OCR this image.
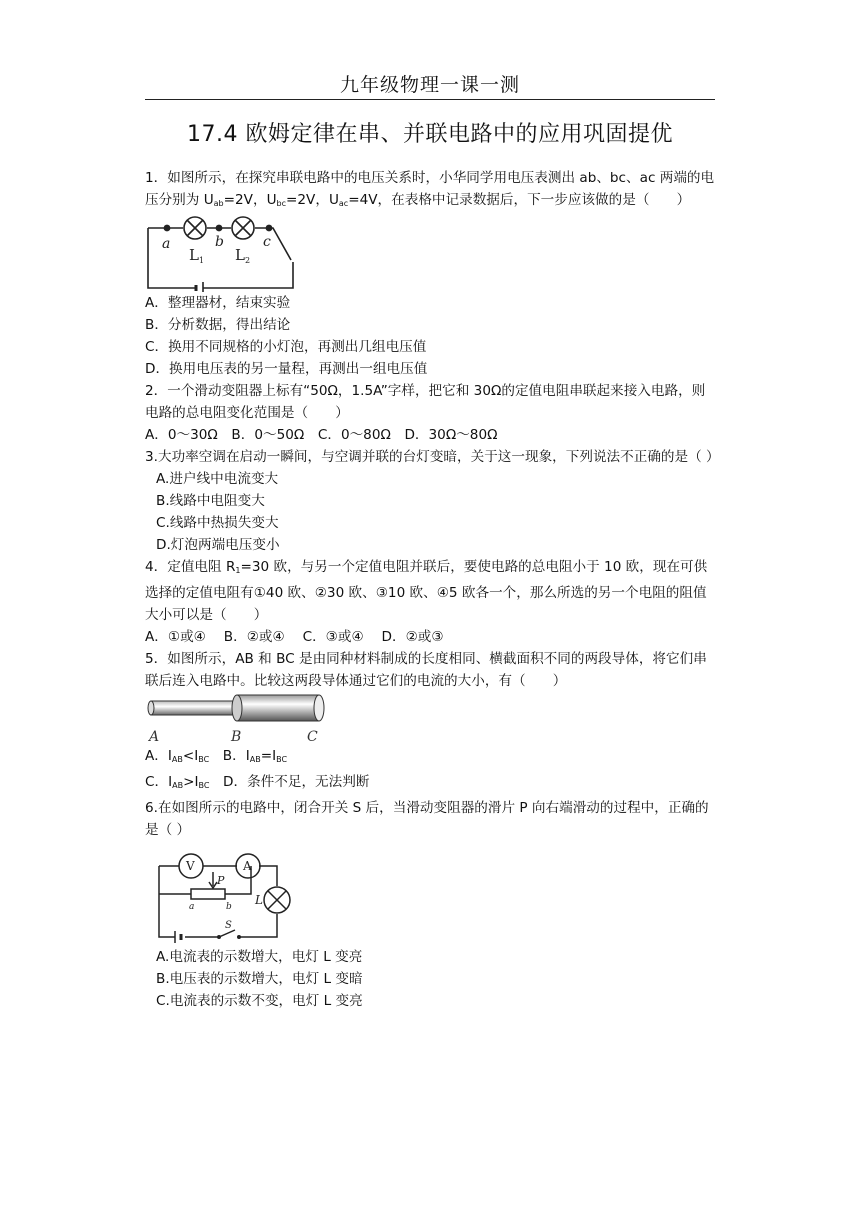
九年级物理一课一测
17.4 欧姆定律在串、并联电路中的应用巩固提优

1．如图所示，在探究串联电路中的电压关系时，小华同学用电压表测出 ab、bc、ac 两端的电压分别为 $U_{ab}=2V$，$U_{bc}=2V$，$U_{ac}=4V$，在表格中记录数据后，下一步应该做的是（　　）

a	b	c
$L_1$ $L_2$

A．整理器材，结束实验

B．分析数据，得出结论

C．换用不同规格的小灯泡，再测出几组电压值

D．换用电压表的另一量程，再测出一组电压值

2．一个滑动变阻器上标有“50Ω，1.5A”字样，把它和 30Ω的定值电阻串联起来接入电路，则电路的总电阻变化范围是（　　）

A．0～30Ω　B．0～50Ω　C．0～80Ω　D．30Ω～80Ω

3.大功率空调在启动一瞬间，与空调并联的台灯变暗，关于这一现象，下列说法不正确的是（ ）

A.进户线中电流变大

B.线路中电阻变大

C.线路中热损失变大

D.灯泡两端电压变小

4．定值电阻 $R_1=30$ 欧，与另一个定值电阻并联后，要使电路的总电阻小于 10 欧，现在可供选择的定值电阻有①40 欧、②30 欧、③10 欧、④5 欧各一个，那么所选的另一个电阻的阻值大小可以是（　　）

A．①或④　 B．②或④　 C．③或④　 D．②或③

5．如图所示，AB 和 BC 是由同种材料制成的长度相同、横截面积不同的两段导体，将它们串联后连入电路中。比较这两段导体通过它们的电流的大小，有（　　）

A	B	C

A．$I_{AB}<I_{BC}$　B．$I_{AB}=I_{BC}$

C．$I_{AB}>I_{BC}$　D．条件不足，无法判断

6.在如图所示的电路中，闭合开关 S 后，当滑动变阻器的滑片 P 向右端滑动的过程中，正确的是（ ）

V	A
P
a	b L
S

A.电流表的示数增大，电灯 L 变亮

B.电压表的示数增大，电灯 L 变暗

C.电流表的示数不变，电灯 L 变亮
